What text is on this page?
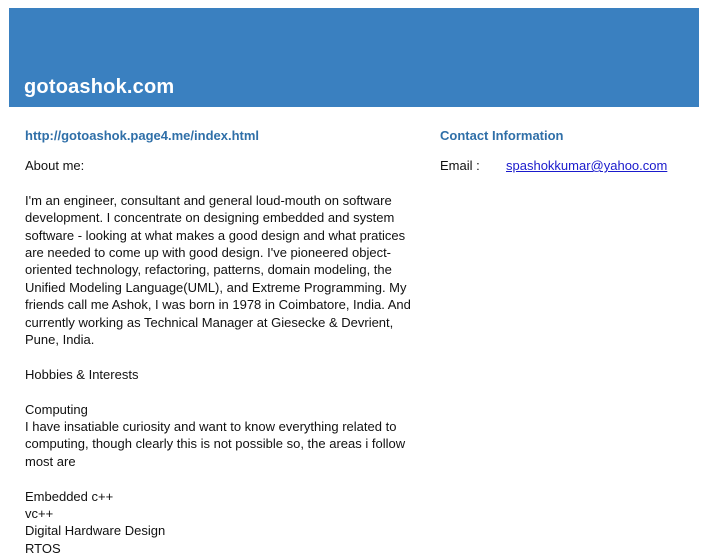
gotoashok.com
http://gotoashok.page4.me/index.html

About me:

I'm an engineer, consultant and general loud-mouth on software development. I concentrate on designing embedded and system software - looking at what makes a good design and what pratices are needed to come up with good design. I've pioneered object-oriented technology, refactoring, patterns, domain modeling, the Unified Modeling Language(UML), and Extreme Programming. My friends call me Ashok, I was born in 1978 in Coimbatore, India. And currently working as Technical Manager at Giesecke & Devrient, Pune, India.

Hobbies & Interests

Computing

I have insatiable curiosity and want to know everything related to computing, though clearly this is not possible so, the areas i follow most are

Embedded c++
vc++
Digital Hardware Design
RTOS
Contact Information
Email :	spashokkumar@yahoo.com
